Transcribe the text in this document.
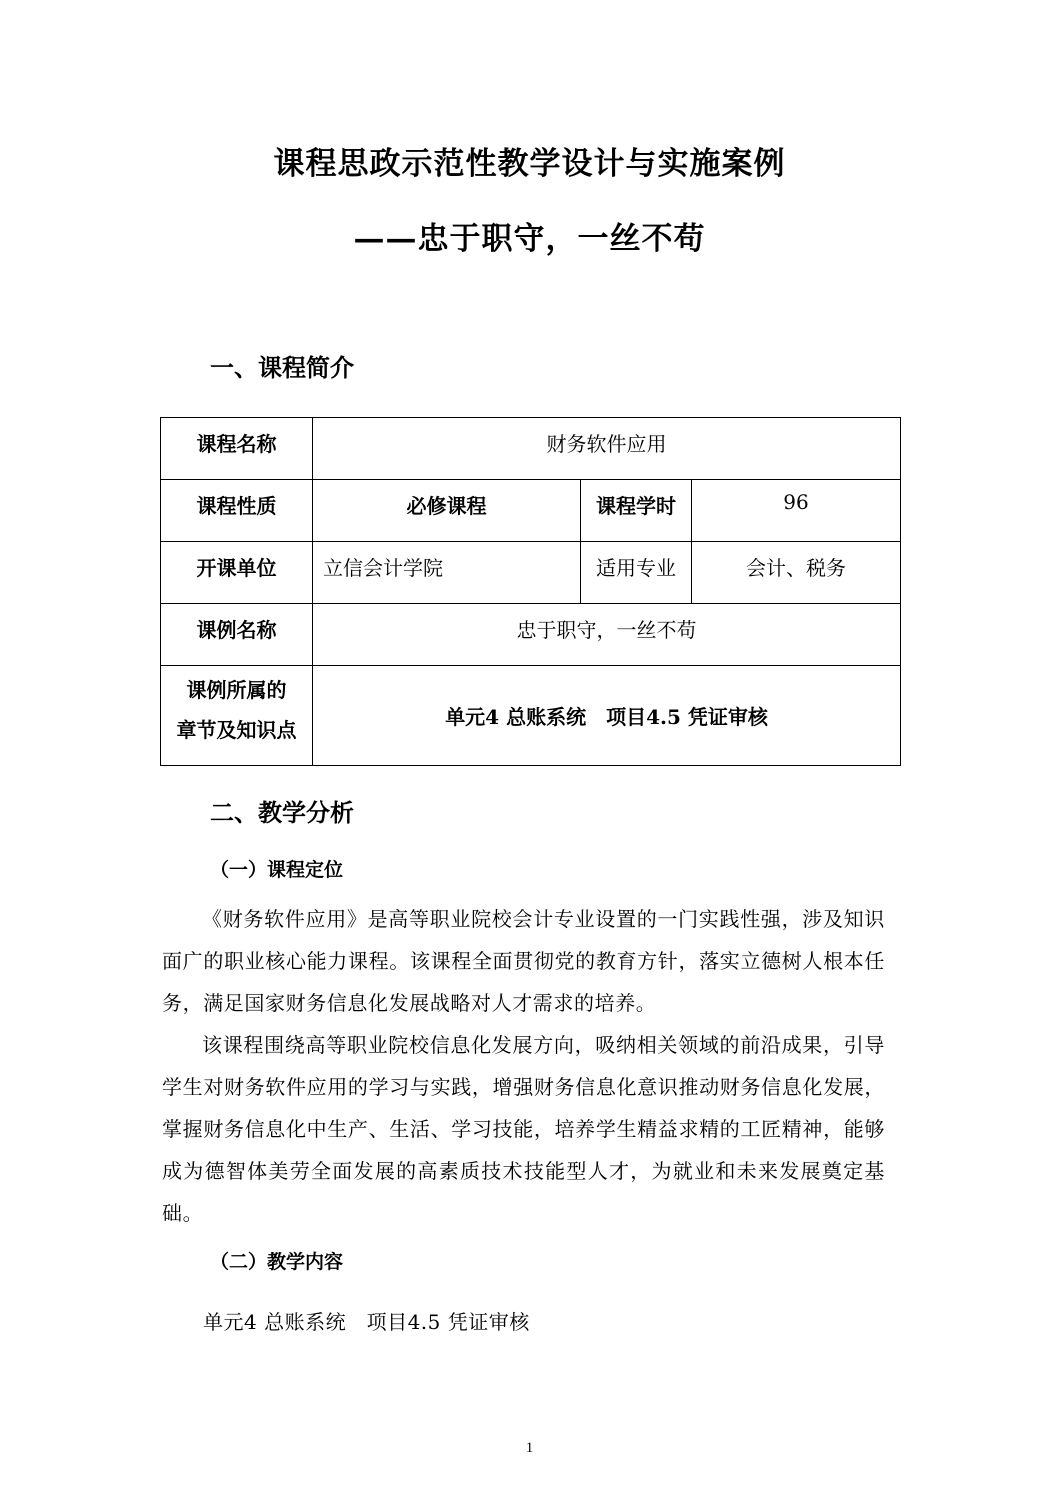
课程思政示范性教学设计与实施案例
——忠于职守，一丝不苟
一、课程简介
课程名称	财务软件应用		
课程性质	必修课程	课程学时	96
开课单位	立信会计学院	适用专业	会计、税务
课例名称	忠于职守，一丝不苟		

课例所属的
章节及知识点	单元4 总账系统　项目4.5 凭证审核		
二、教学分析
（一）课程定位
《财务软件应用》是高等职业院校会计专业设置的一门实践性强，涉及知识面广的职业核心能力课程。该课程全面贯彻党的教育方针，落实立德树人根本任务，满足国家财务信息化发展战略对人才需求的培养。
该课程围绕高等职业院校信息化发展方向，吸纳相关领域的前沿成果，引导学生对财务软件应用的学习与实践，增强财务信息化意识推动财务信息化发展，掌握财务信息化中生产、生活、学习技能，培养学生精益求精的工匠精神，能够成为德智体美劳全面发展的高素质技术技能型人才，为就业和未来发展奠定基础。
（二）教学内容
单元4 总账系统　项目4.5 凭证审核
1
